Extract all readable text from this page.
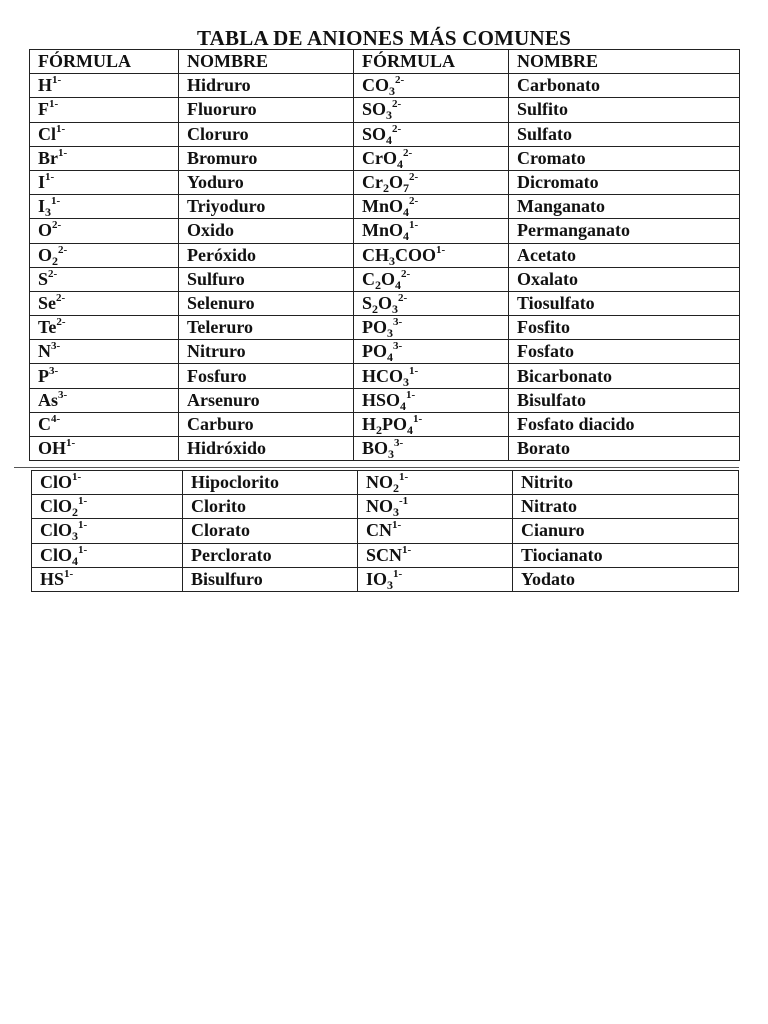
TABLA DE ANIONES MÁS COMUNES
FÓRMULA	NOMBRE	FÓRMULA	NOMBRE
$H^{1-}$	Hidruro	$CO_3^{2-}$	Carbonato
$F^{1-}$	Fluoruro	$SO_3^{2-}$	Sulfito
$Cl^{1-}$	Cloruro	$SO_4^{2-}$	Sulfato
$Br^{1-}$	Bromuro	CrO$_4^{2-}$	Cromato
$I^{1-}$	Yoduro	$Cr_2O_7^{2-}$	Dicromato
$I_3^{1-}$	Triyoduro	MnO$_4^{2-}$	Manganato
$O^{2-}$	Oxido	MnO$_4^{1-}$	Permanganato
$O_2^{2-}$	Peróxido	$CH_3COO^{1-}$	Acetato
$S^{2-}$	Sulfuro	$C_2O_4^{2-}$	Oxalato
$Se^{2-}$	Selenuro	$S_2O_3^{2-}$	Tiosulfato
$Te^{2-}$	Teleruro	$PO_3^{3-}$	Fosfito
$N^{3-}$	Nitruro	$PO_4^{3-}$	Fosfato
$P^{3-}$	Fosfuro	$HCO_3^{1-}$	Bicarbonato
$As^{3-}$	Arsenuro	$HSO_4^{1-}$	Bisulfato
$C^{4-}$	Carburo	$H_2PO_4^{1-}$	Fosfato diacido
$OH^{1-}$	Hidróxido	$BO_3^{3-}$	Borato
ClO$^{1-}$	Hipoclorito	$NO_2^{1-}$	Nitrito
ClO$_2^{1-}$	Clorito	$NO_3^{-1}$	Nitrato
ClO$_3^{1-}$	Clorato	$CN^{1-}$	Cianuro
ClO$_4^{1-}$	Perclorato	$SCN^{1-}$	Tiocianato
$HS^{1-}$	Bisulfuro	$IO_3^{1-}$	Yodato
